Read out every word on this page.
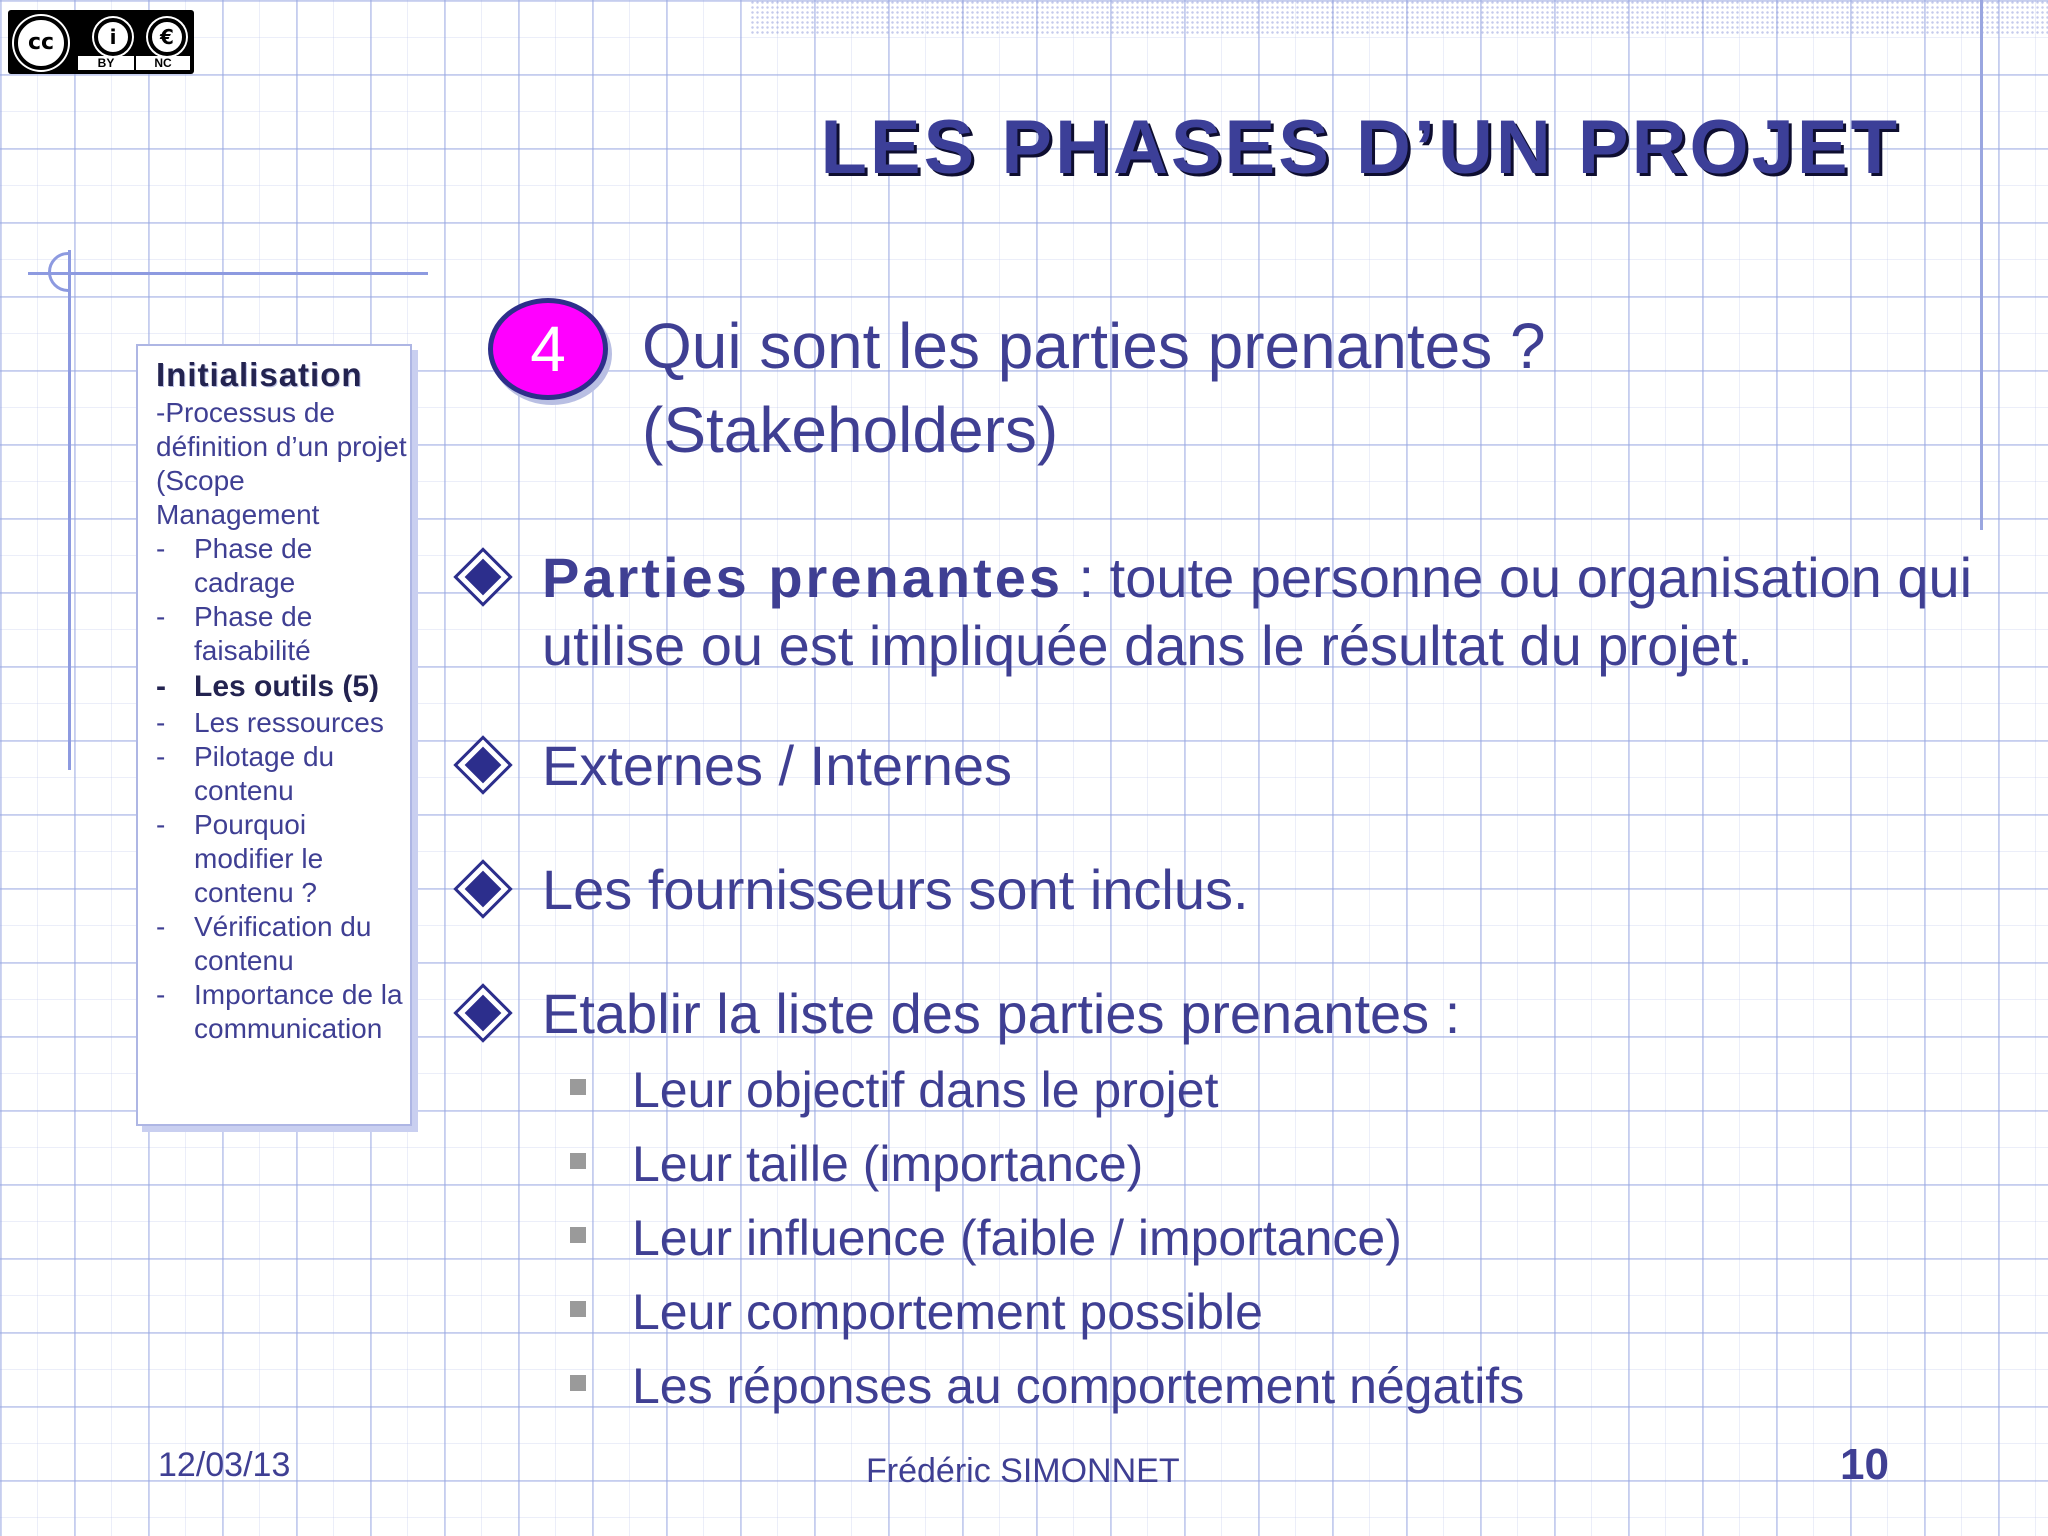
cc	i	€
BY	NC
LES PHASES D’UN PROJET
Initialisation
-Processus de définition d’un projet (Scope Management
- Phase de cadrage
- Phase de faisabilité
- Les outils (5)
- Les ressources
- Pilotage du contenu
- Pourquoi modifier le contenu ?
- Vérification du contenu
- Importance de la communication
4	Qui sont les parties prenantes ?
(Stakeholders)
Parties prenantes : toute personne ou organisation qui utilise ou est impliquée dans le résultat du projet.
Externes / Internes
Les fournisseurs sont inclus.
Etablir la liste des parties prenantes :
Leur objectif dans le projet
Leur taille (importance)
Leur influence (faible / importance)
Leur comportement possible
Les réponses au comportement négatifs
12/03/13	Frédéric SIMONNET	10
